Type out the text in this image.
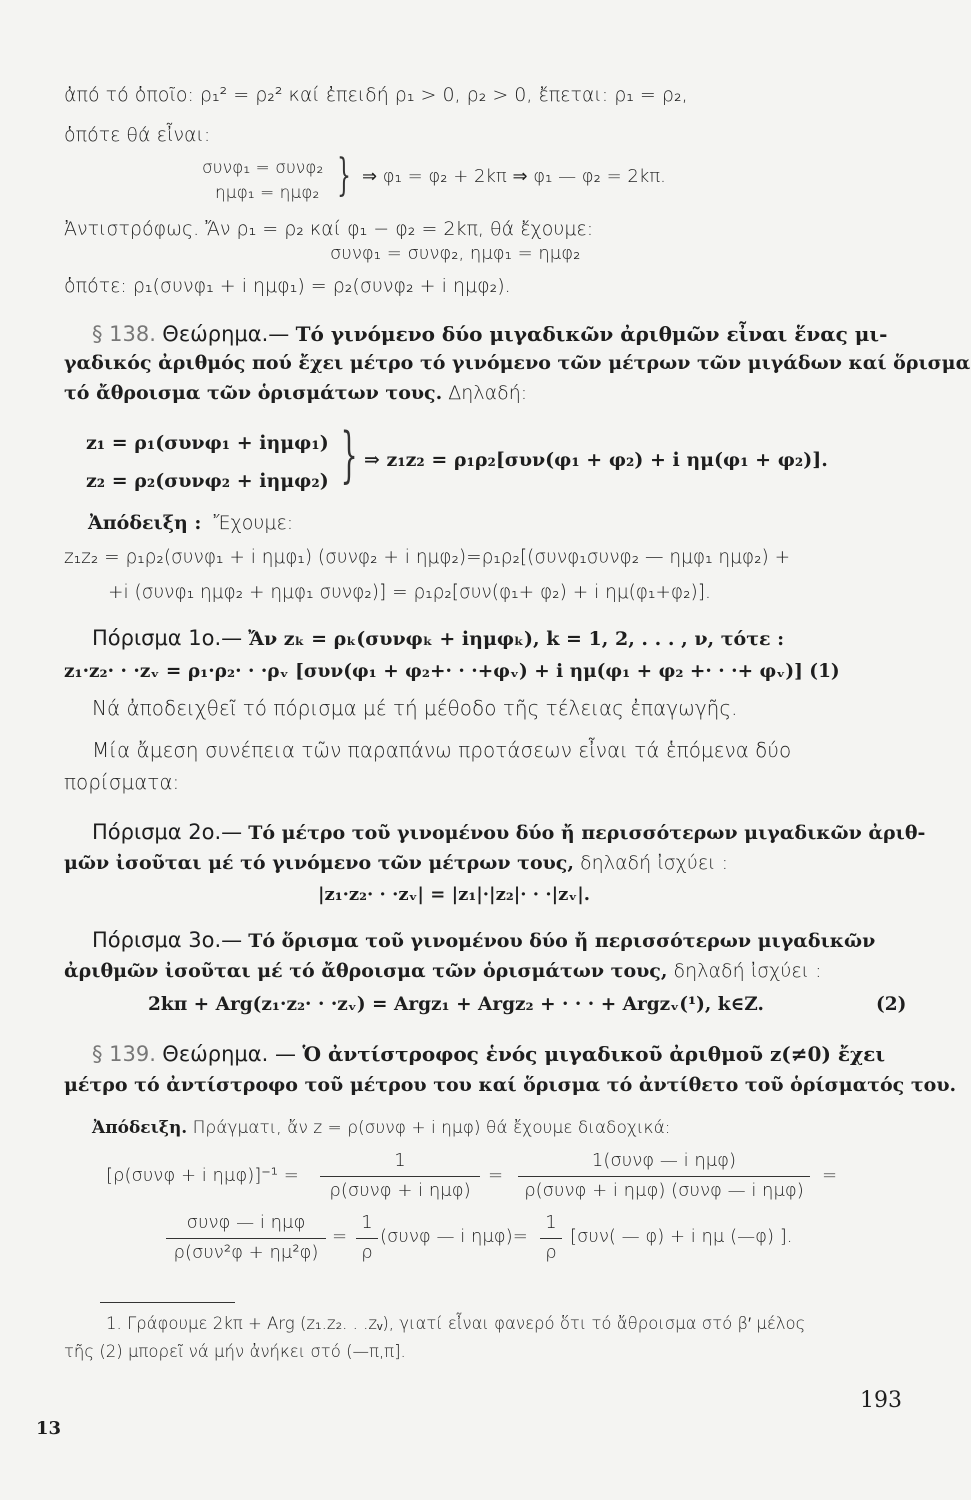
ἀπό τό ὁποῖο: ρ₁² = ρ₂² καί ἐπειδή ρ₁ > 0, ρ₂ > 0, ἔπεται: ρ₁ = ρ₂,
ὁπότε θά εἶναι:
συνφ₁ = συνφ₂
ημφ₁ = ημφ₂ } ⇒ φ₁ = φ₂ + 2kπ ⇒ φ₁ — φ₂ = 2kπ.
Ἀντιστρόφως. Ἄν ρ₁ = ρ₂ καί φ₁ − φ₂ = 2kπ, θά ἔχουμε:
συνφ₁ = συνφ₂, ημφ₁ = ημφ₂
ὁπότε: ρ₁(συνφ₁ + i ημφ₁) = ρ₂(συνφ₂ + i ημφ₂).
§ 138. Θεώρημα.— Τό γινόμενο δύο μιγαδικῶν ἀριθμῶν εἶναι ἕνας μι-
γαδικός ἀριθμός πού ἔχει μέτρο τό γινόμενο τῶν μέτρων τῶν μιγάδων καί ὅρισμα
τό ἄθροισμα τῶν ὁρισμάτων τους. Δηλαδή:
z₁ = ρ₁(συνφ₁ + iημφ₁)
z₂ = ρ₂(συνφ₂ + iημφ₂) } ⇒ z₁z₂ = ρ₁ρ₂[συν(φ₁ + φ₂) + i ημ(φ₁ + φ₂)].
Ἀπόδειξη : Ἔχουμε:
z₁z₂ = ρ₁ρ₂(συνφ₁ + i ημφ₁) (συνφ₂ + i ημφ₂)=ρ₁ρ₂[(συνφ₁συνφ₂ — ημφ₁ ημφ₂) +
+i (συνφ₁ ημφ₂ + ημφ₁ συνφ₂)] = ρ₁ρ₂[συν(φ₁+ φ₂) + i ημ(φ₁+φ₂)].
Πόρισμα 1ο.— Ἄν zₖ = ρₖ(συνφₖ + iημφₖ), k = 1, 2, . . . , ν, τότε :
z₁·z₂· · ·zᵥ = ρ₁·ρ₂· · ·ρᵥ [συν(φ₁ + φ₂+· · ·+φᵥ) + i ημ(φ₁ + φ₂ +· · ·+ φᵥ)] (1)
Νά ἀποδειχθεῖ τό πόρισμα μέ τή μέθοδο τῆς τέλειας ἐπαγωγῆς.
Μία ἄμεση συνέπεια τῶν παραπάνω προτάσεων εἶναι τά ἑπόμενα δύο
πορίσματα:
Πόρισμα 2ο.— Τό μέτρο τοῦ γινομένου δύο ἤ περισσότερων μιγαδικῶν ἀριθ-
μῶν ἰσοῦται μέ τό γινόμενο τῶν μέτρων τους, δηλαδή ἰσχύει :
|z₁·z₂· · ·zᵥ| = |z₁|·|z₂|· · ·|zᵥ|.
Πόρισμα 3ο.— Τό ὅρισμα τοῦ γινομένου δύο ἤ περισσότερων μιγαδικῶν
ἀριθμῶν ἰσοῦται μέ τό ἄθροισμα τῶν ὁρισμάτων τους, δηλαδή ἰσχύει :
2kπ + Arg(z₁·z₂· · ·zᵥ) = Argz₁ + Argz₂ + · · · + Argzᵥ(¹), k∈Z.	(2)
§ 139. Θεώρημα. — Ὁ ἀντίστροφος ἑνός μιγαδικοῦ ἀριθμοῦ z(≠0) ἔχει
μέτρο τό ἀντίστροφο τοῦ μέτρου του καί ὅρισμα τό ἀντίθετο τοῦ ὁρίσματός του.
Ἀπόδειξη. Πράγματι, ἄν z = ρ(συνφ + i ημφ) θά ἔχουμε διαδοχικά:
[ρ(συνφ + i ημφ)]⁻¹ =
1
ρ(συνφ + i ημφ)
=
1(συνφ — i ημφ)
ρ(συνφ + i ημφ) (συνφ — i ημφ)
=
συνφ — i ημφ
ρ(συν²φ + ημ²φ)
=
1
ρ
(συνφ — i ημφ)=
1
ρ
[συν( — φ) + i ημ (—φ) ].
1. Γράφουμε 2kπ + Arg (z₁.z₂. . .zᵥ), γιατί εἶναι φανερό ὅτι τό ἄθροισμα στό β′ μέλος
τῆς (2) μπορεῖ νά μήν ἀνήκει στό (—π,π].
193
13
